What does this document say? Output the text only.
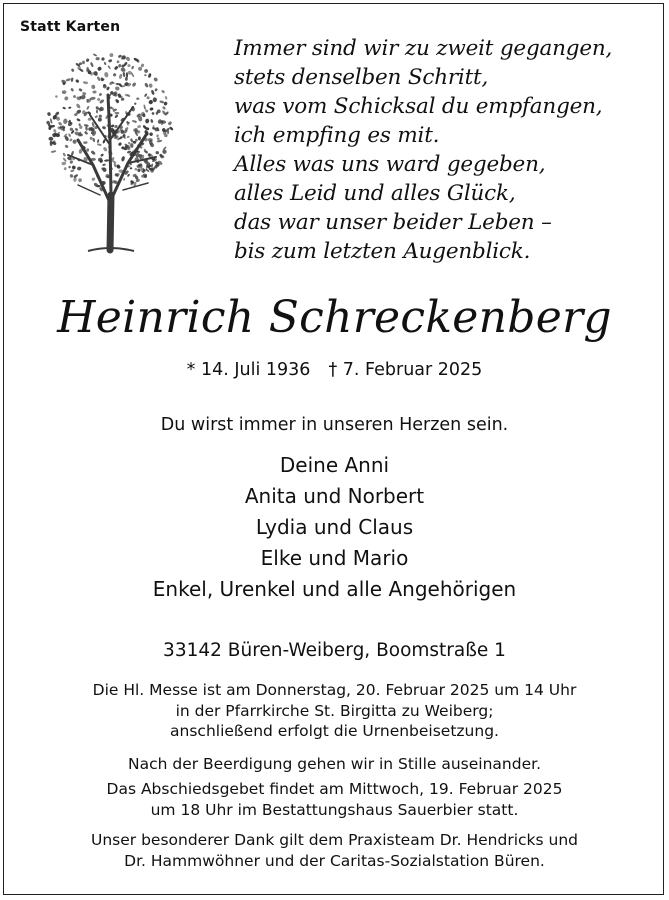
Statt Karten
Immer sind wir zu zweit gegangen,
stets denselben Schritt,
was vom Schicksal du empfangen,
ich empfing es mit.
Alles was uns ward gegeben,
alles Leid und alles Glück,
das war unser beider Leben –
bis zum letzten Augenblick.
Heinrich Schreckenberg
* 14. Juli 1936 † 7. Februar 2025
Du wirst immer in unseren Herzen sein.
Deine Anni
Anita und Norbert
Lydia und Claus
Elke und Mario
Enkel, Urenkel und alle Angehörigen
33142 Büren-Weiberg, Boomstraße 1
Die Hl. Messe ist am Donnerstag, 20. Februar 2025 um 14 Uhr
in der Pfarrkirche St. Birgitta zu Weiberg;
anschließend erfolgt die Urnenbeisetzung.
Nach der Beerdigung gehen wir in Stille auseinander.
Das Abschiedsgebet findet am Mittwoch, 19. Februar 2025
um 18 Uhr im Bestattungshaus Sauerbier statt.
Unser besonderer Dank gilt dem Praxisteam Dr. Hendricks und
Dr. Hammwöhner und der Caritas-Sozialstation Büren.
